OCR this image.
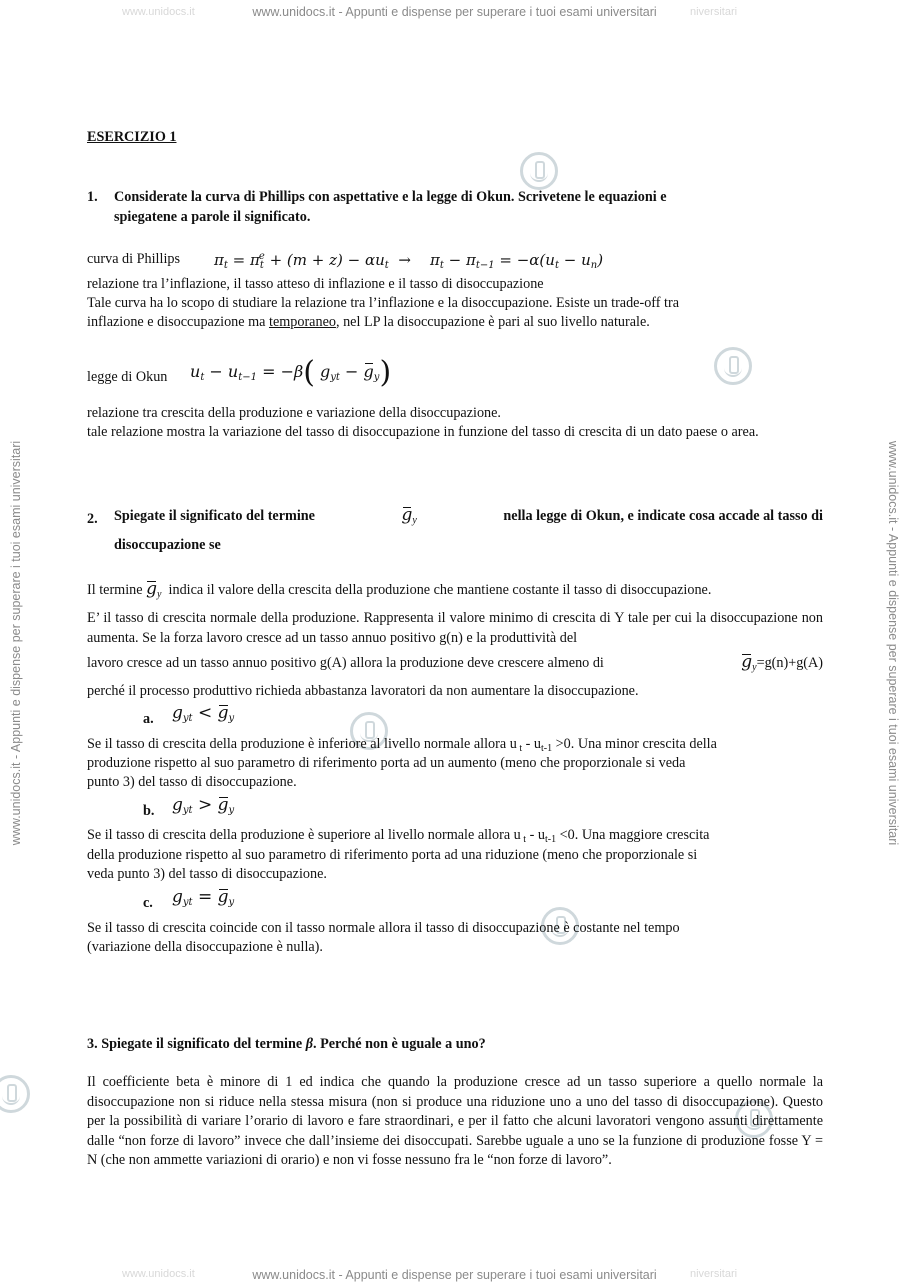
www.unidocs.it - Appunti e dispense per superare i tuoi esami universitari
www.unidocs.it - Appunti e dispense per superare i tuoi esami universitari
www.unidocs.it - Appunti e dispense per superare i tuoi esami universitari	www.unidocs.it - Appunti e dispense per superare i tuoi esami universitari
www.unidocs.it	niversitari
www.unidocs.it	niversitari
ESERCIZIO 1
1. Considerate la curva di Phillips con aspettative e la legge di Okun. Scrivetene le equazioni e
spiegatene a parole il significato.
curva di Phillips $\pi_t = \pi_t^e + (m + z) - \alpha u_t$ →    $\pi_t - \pi_{t-1} = -\alpha(u_t - u_n)$
relazione tra l’inflazione, il tasso atteso di inflazione e il tasso di disoccupazione
Tale curva ha lo scopo di studiare la relazione tra l’inflazione e la disoccupazione. Esiste un trade-off tra
inflazione e disoccupazione ma temporaneo, nel LP la disoccupazione è pari al suo livello naturale.
legge di Okun $u_t - u_{t-1} = -\beta$( $g_{yt} - g_y$)
relazione tra crescita della produzione e variazione della disoccupazione.
tale relazione mostra la variazione del tasso di disoccupazione in funzione del tasso di crescita di un dato paese o area.
2. Spiegate il significato del termine	$g_y$	nella legge di Okun, e indicate cosa accade al tasso di
disoccupazione se
Il termine $g_y$ indica il valore della crescita della produzione che mantiene costante il tasso di disoccupazione.
E’ il tasso di crescita normale della produzione. Rappresenta il valore minimo di crescita di Y tale per cui la disoccupazione non aumenta. Se la forza lavoro cresce ad un tasso annuo positivo g(n) e la produttività del
lavoro cresce ad un tasso annuo positivo g(A) allora la produzione deve crescere almeno di	$g_y=g(n)+g(A)$
perché il processo produttivo richieda abbastanza lavoratori da non aumentare la disoccupazione.
a. $g_{yt} < g_y$
Se il tasso di crescita della produzione è inferiore al livello normale allora u $_t - u_{t-1} >0$. Una minor crescita della
produzione rispetto al suo parametro di riferimento porta ad un aumento (meno che proporzionale si veda
punto 3) del tasso di disoccupazione.
b. $g_{yt} > g_y$
Se il tasso di crescita della produzione è superiore al livello normale allora u $_t - u_{t-1} <0$. Una maggiore crescita
della produzione rispetto al suo parametro di riferimento porta ad una riduzione (meno che proporzionale si
veda punto 3) del tasso di disoccupazione.
c. $g_{yt} = g_y$
Se il tasso di crescita coincide con il tasso normale allora il tasso di disoccupazione è costante nel tempo
(variazione della disoccupazione è nulla).
3. Spiegate il significato del termine β. Perché non è uguale a uno?
Il coefficiente beta è minore di 1 ed indica che quando la produzione cresce ad un tasso superiore a quello normale la disoccupazione non si riduce nella stessa misura (non si produce una riduzione uno a uno del tasso di disoccupazione). Questo per la possibilità di variare l’orario di lavoro e fare straordinari, e per il fatto che alcuni lavoratori vengono assunti direttamente dalle “non forze di lavoro” invece che dall’insieme dei disoccupati. Sarebbe uguale a uno se la funzione di produzione fosse Y = N (che non ammette variazioni di orario) e non vi fosse nessuno fra le “non forze di lavoro”.
